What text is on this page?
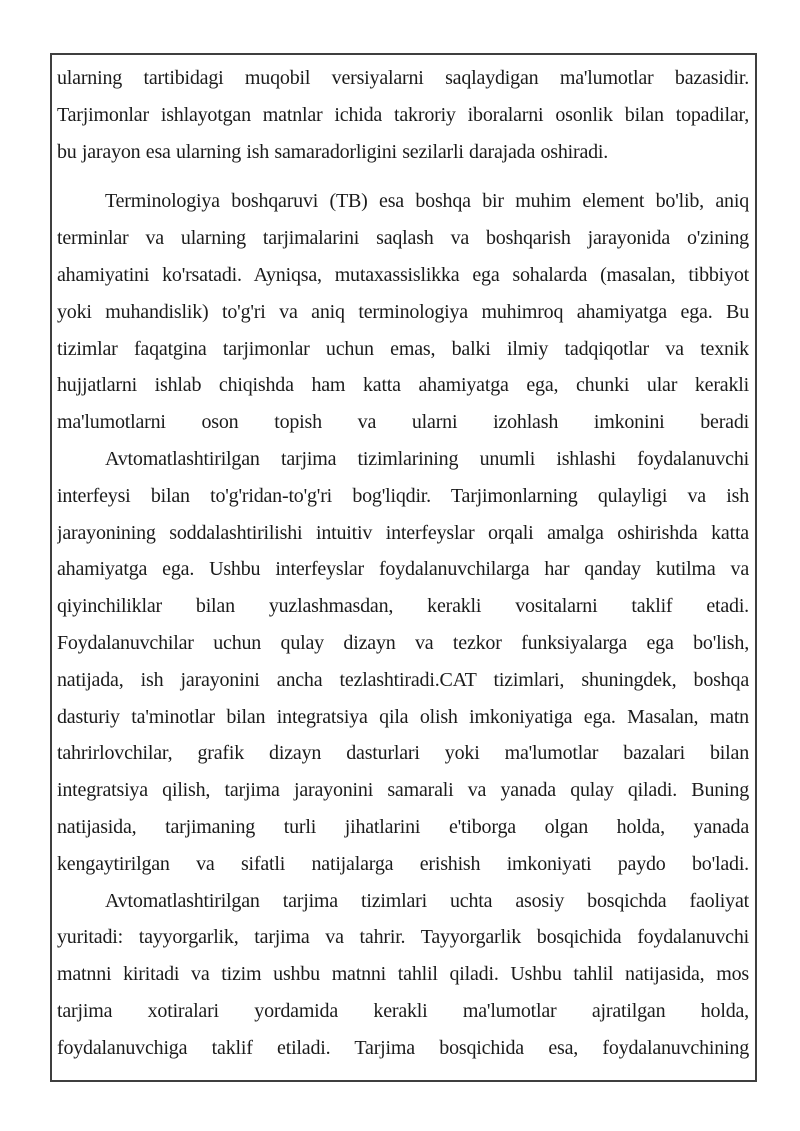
ularning tartibidagi muqobil versiyalarni saqlaydigan ma'lumotlar bazasidir.
Tarjimonlar ishlayotgan matnlar ichida takroriy iboralarni osonlik bilan topadilar,
bu jarayon esa ularning ish samaradorligini sezilarli darajada oshiradi.
Terminologiya boshqaruvi (TB) esa boshqa bir muhim element bo'lib, aniq
terminlar va ularning tarjimalarini saqlash va boshqarish jarayonida o'zining
ahamiyatini ko'rsatadi. Ayniqsa, mutaxassislikka ega sohalarda (masalan, tibbiyot
yoki muhandislik) to'g'ri va aniq terminologiya muhimroq ahamiyatga ega. Bu
tizimlar faqatgina tarjimonlar uchun emas, balki ilmiy tadqiqotlar va texnik
hujjatlarni ishlab chiqishda ham katta ahamiyatga ega, chunki ular kerakli
ma'lumotlarni oson topish va ularni izohlash imkonini beradi
Avtomatlashtirilgan tarjima tizimlarining unumli ishlashi foydalanuvchi
interfeysi bilan to'g'ridan-to'g'ri bog'liqdir. Tarjimonlarning qulayligi va ish
jarayonining soddalashtirilishi intuitiv interfeyslar orqali amalga oshirishda katta
ahamiyatga ega. Ushbu interfeyslar foydalanuvchilarga har qanday kutilma va
qiyinchiliklar bilan yuzlashmasdan, kerakli vositalarni taklif etadi.
Foydalanuvchilar uchun qulay dizayn va tezkor funksiyalarga ega bo'lish,
natijada, ish jarayonini ancha tezlashtiradi.CAT tizimlari, shuningdek, boshqa
dasturiy ta'minotlar bilan integratsiya qila olish imkoniyatiga ega. Masalan, matn
tahrirlovchilar, grafik dizayn dasturlari yoki ma'lumotlar bazalari bilan
integratsiya qilish, tarjima jarayonini samarali va yanada qulay qiladi. Buning
natijasida, tarjimaning turli jihatlarini e'tiborga olgan holda, yanada
kengaytirilgan va sifatli natijalarga erishish imkoniyati paydo bo'ladi.
Avtomatlashtirilgan tarjima tizimlari uchta asosiy bosqichda faoliyat
yuritadi: tayyorgarlik, tarjima va tahrir. Tayyorgarlik bosqichida foydalanuvchi
matnni kiritadi va tizim ushbu matnni tahlil qiladi. Ushbu tahlil natijasida, mos
tarjima xotiralari yordamida kerakli ma'lumotlar ajratilgan holda,
foydalanuvchiga taklif etiladi. Tarjima bosqichida esa, foydalanuvchining
